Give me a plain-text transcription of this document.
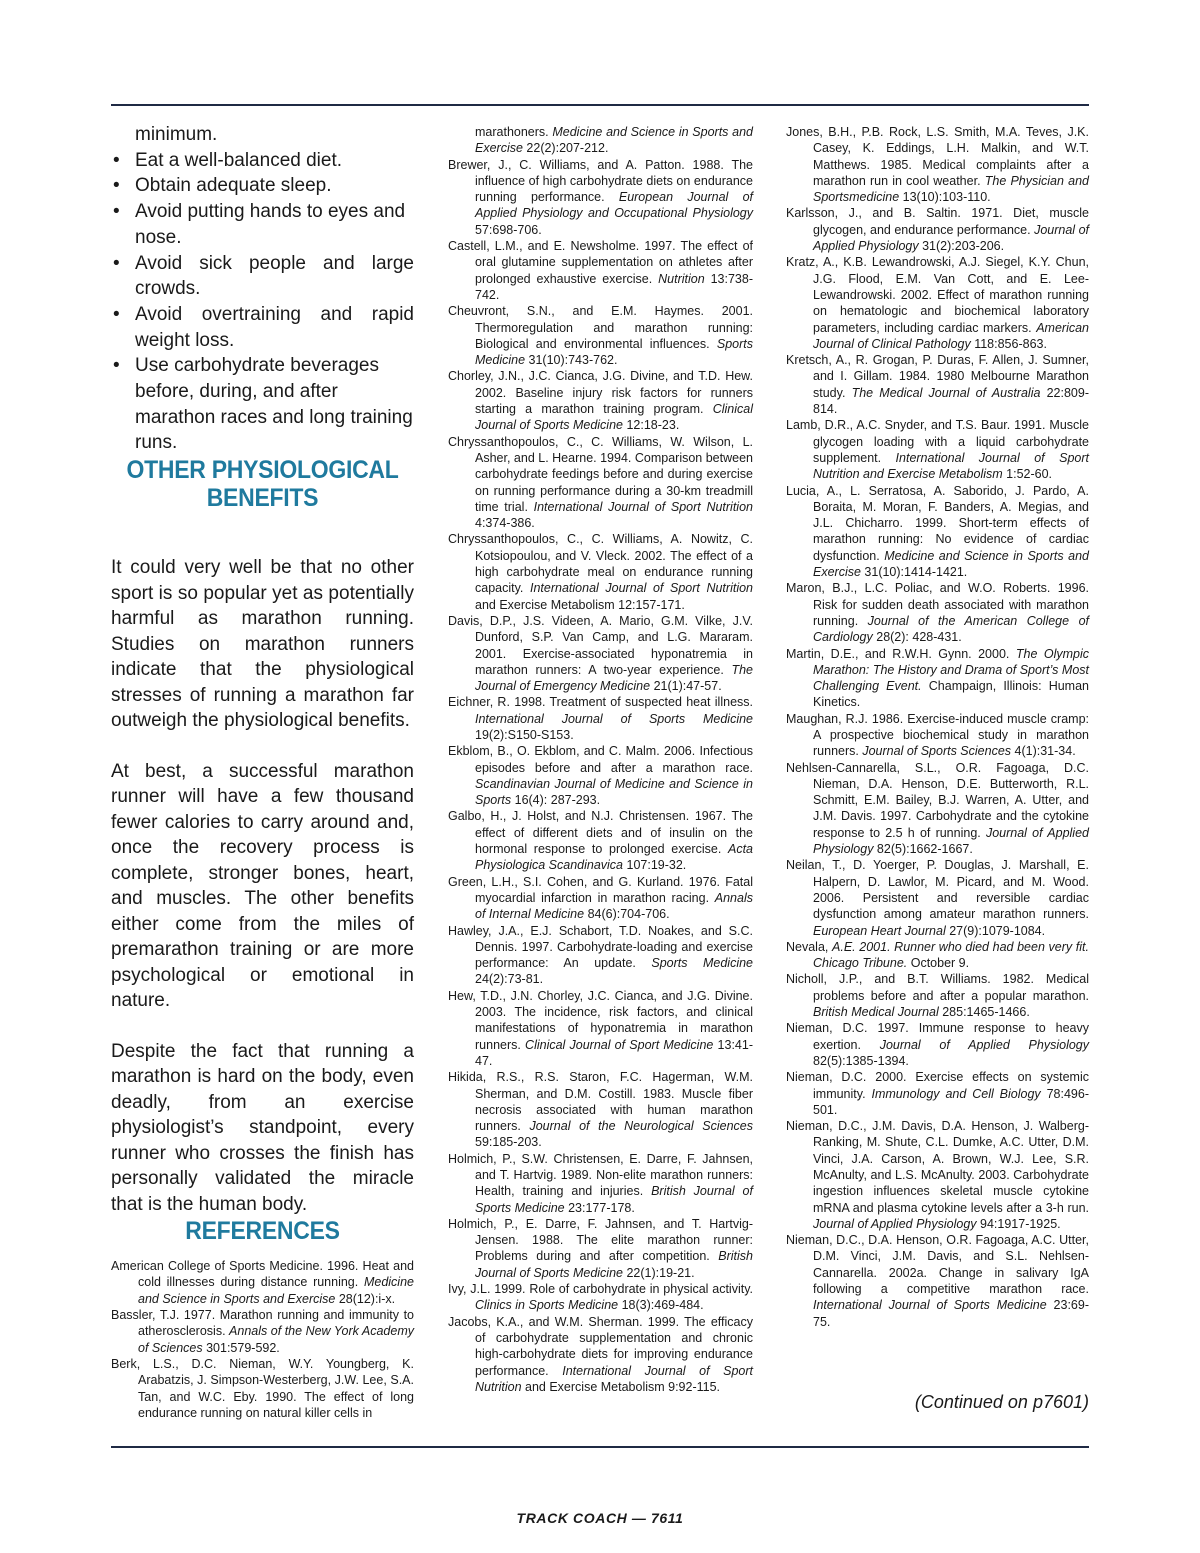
minimum.
• Eat a well-balanced diet.
• Obtain adequate sleep.
• Avoid putting hands to eyes and nose.
• Avoid sick people and large crowds.
• Avoid overtraining and rapid weight loss.
• Use carbohydrate beverages before, during, and after marathon races and long training runs.
OTHER PHYSIOLOGICAL
BENEFITS

It could very well be that no other sport is so popular yet as potentially harmful as marathon running. Studies on marathon runners indicate that the physiological stresses of running a marathon far outweigh the physiological benefits.

At best, a successful marathon runner will have a few thousand fewer calories to carry around and, once the recovery process is complete, stronger bones, heart, and muscles. The other benefits either come from the miles of premarathon training or are more psychological or emotional in nature.

Despite the fact that running a marathon is hard on the body, even deadly, from an exercise physiologist’s standpoint, every runner who crosses the finish has personally validated the miracle that is the human body.

REFERENCES

American College of Sports Medicine. 1996. Heat and cold illnesses during distance running. Medicine and Science in Sports and Exercise 28(12):i-x.

Bassler, T.J. 1977. Marathon running and immunity to atherosclerosis. Annals of the New York Academy of Sciences 301:579-592.

Berk, L.S., D.C. Nieman, W.Y. Youngberg, K. Arabatzis, J. Simpson-Westerberg, J.W. Lee, S.A. Tan, and W.C. Eby. 1990. The effect of long endurance running on natural killer cells in

marathoners. Medicine and Science in Sports and Exercise 22(2):207-212.

Brewer, J., C. Williams, and A. Patton. 1988. The influence of high carbohydrate diets on endurance running performance. European Journal of Applied Physiology and Occupational Physiology 57:698-706.

Castell, L.M., and E. Newsholme. 1997. The effect of oral glutamine supplementation on athletes after prolonged exhaustive exercise. Nutrition 13:738-742.

Cheuvront, S.N., and E.M. Haymes. 2001. Thermoregulation and marathon running: Biological and environmental influences. Sports Medicine 31(10):743-762.

Chorley, J.N., J.C. Cianca, J.G. Divine, and T.D. Hew. 2002. Baseline injury risk factors for runners starting a marathon training program. Clinical Journal of Sports Medicine 12:18-23.

Chryssanthopoulos, C., C. Williams, W. Wilson, L. Asher, and L. Hearne. 1994. Comparison between carbohydrate feedings before and during exercise on running performance during a 30-km treadmill time trial. International Journal of Sport Nutrition 4:374-386.

Chryssanthopoulos, C., C. Williams, A. Nowitz, C. Kotsiopoulou, and V. Vleck. 2002. The effect of a high carbohydrate meal on endurance running capacity. International Journal of Sport Nutrition and Exercise Metabolism 12:157-171.

Davis, D.P., J.S. Videen, A. Mario, G.M. Vilke, J.V. Dunford, S.P. Van Camp, and L.G. Mararam. 2001. Exercise-associated hyponatremia in marathon runners: A two-year experience. The Journal of Emergency Medicine 21(1):47-57.

Eichner, R. 1998. Treatment of suspected heat illness. International Journal of Sports Medicine 19(2):S150-S153.

Ekblom, B., O. Ekblom, and C. Malm. 2006. Infectious episodes before and after a marathon race. Scandinavian Journal of Medicine and Science in Sports 16(4): 287-293.

Galbo, H., J. Holst, and N.J. Christensen. 1967. The effect of different diets and of insulin on the hormonal response to prolonged exercise. Acta Physiologica Scandinavica 107:19-32.

Green, L.H., S.I. Cohen, and G. Kurland. 1976. Fatal myocardial infarction in marathon racing. Annals of Internal Medicine 84(6):704-706.

Hawley, J.A., E.J. Schabort, T.D. Noakes, and S.C. Dennis. 1997. Carbohydrate-loading and exercise performance: An update. Sports Medicine 24(2):73-81.

Hew, T.D., J.N. Chorley, J.C. Cianca, and J.G. Divine. 2003. The incidence, risk factors, and clinical manifestations of hyponatremia in marathon runners. Clinical Journal of Sport Medicine 13:41-47.

Hikida, R.S., R.S. Staron, F.C. Hagerman, W.M. Sherman, and D.M. Costill. 1983. Muscle fiber necrosis associated with human marathon runners. Journal of the Neurological Sciences 59:185-203.

Holmich, P., S.W. Christensen, E. Darre, F. Jahnsen, and T. Hartvig. 1989. Non-elite marathon runners: Health, training and injuries. British Journal of Sports Medicine 23:177-178.

Holmich, P., E. Darre, F. Jahnsen, and T. Hartvig-Jensen. 1988. The elite marathon runner: Problems during and after competition. British Journal of Sports Medicine 22(1):19-21.

Ivy, J.L. 1999. Role of carbohydrate in physical activity. Clinics in Sports Medicine 18(3):469-484.

Jacobs, K.A., and W.M. Sherman. 1999. The efficacy of carbohydrate supplementation and chronic high-carbohydrate diets for improving endurance performance. International Journal of Sport Nutrition and Exercise Metabolism 9:92-115.

Jones, B.H., P.B. Rock, L.S. Smith, M.A. Teves, J.K. Casey, K. Eddings, L.H. Malkin, and W.T. Matthews. 1985. Medical complaints after a marathon run in cool weather. The Physician and Sportsmedicine 13(10):103-110.

Karlsson, J., and B. Saltin. 1971. Diet, muscle glycogen, and endurance performance. Journal of Applied Physiology 31(2):203-206.

Kratz, A., K.B. Lewandrowski, A.J. Siegel, K.Y. Chun, J.G. Flood, E.M. Van Cott, and E. Lee-Lewandrowski. 2002. Effect of marathon running on hematologic and biochemical laboratory parameters, including cardiac markers. American Journal of Clinical Pathology 118:856-863.

Kretsch, A., R. Grogan, P. Duras, F. Allen, J. Sumner, and I. Gillam. 1984. 1980 Melbourne Marathon study. The Medical Journal of Australia 22:809-814.

Lamb, D.R., A.C. Snyder, and T.S. Baur. 1991. Muscle glycogen loading with a liquid carbohydrate supplement. International Journal of Sport Nutrition and Exercise Metabolism 1:52-60.

Lucia, A., L. Serratosa, A. Saborido, J. Pardo, A. Boraita, M. Moran, F. Banders, A. Megias, and J.L. Chicharro. 1999. Short-term effects of marathon running: No evidence of cardiac dysfunction. Medicine and Science in Sports and Exercise 31(10):1414-1421.

Maron, B.J., L.C. Poliac, and W.O. Roberts. 1996. Risk for sudden death associated with marathon running. Journal of the American College of Cardiology 28(2): 428-431.

Martin, D.E., and R.W.H. Gynn. 2000. The Olympic Marathon: The History and Drama of Sport’s Most Challenging Event. Champaign, Illinois: Human Kinetics.

Maughan, R.J. 1986. Exercise-induced muscle cramp: A prospective biochemical study in marathon runners. Journal of Sports Sciences 4(1):31-34.

Nehlsen-Cannarella, S.L., O.R. Fagoaga, D.C. Nieman, D.A. Henson, D.E. Butterworth, R.L. Schmitt, E.M. Bailey, B.J. Warren, A. Utter, and J.M. Davis. 1997. Carbohydrate and the cytokine response to 2.5 h of running. Journal of Applied Physiology 82(5):1662-1667.

Neilan, T., D. Yoerger, P. Douglas, J. Marshall, E. Halpern, D. Lawlor, M. Picard, and M. Wood. 2006. Persistent and reversible cardiac dysfunction among amateur marathon runners. European Heart Journal 27(9):1079-1084.

Nevala, A.E. 2001. Runner who died had been very fit. Chicago Tribune. October 9.

Nicholl, J.P., and B.T. Williams. 1982. Medical problems before and after a popular marathon. British Medical Journal 285:1465-1466.

Nieman, D.C. 1997. Immune response to heavy exertion. Journal of Applied Physiology 82(5):1385-1394.

Nieman, D.C. 2000. Exercise effects on systemic immunity. Immunology and Cell Biology 78:496-501.

Nieman, D.C., J.M. Davis, D.A. Henson, J. Walberg-Ranking, M. Shute, C.L. Dumke, A.C. Utter, D.M. Vinci, J.A. Carson, A. Brown, W.J. Lee, S.R. McAnulty, and L.S. McAnulty. 2003. Carbohydrate ingestion influences skeletal muscle cytokine mRNA and plasma cytokine levels after a 3-h run. Journal of Applied Physiology 94:1917-1925.

Nieman, D.C., D.A. Henson, O.R. Fagoaga, A.C. Utter, D.M. Vinci, J.M. Davis, and S.L. Nehlsen-Cannarella. 2002a. Change in salivary IgA following a competitive marathon race. International Journal of Sports Medicine 23:69-75.

(Continued on p7601)
TRACK COACH — 7611
